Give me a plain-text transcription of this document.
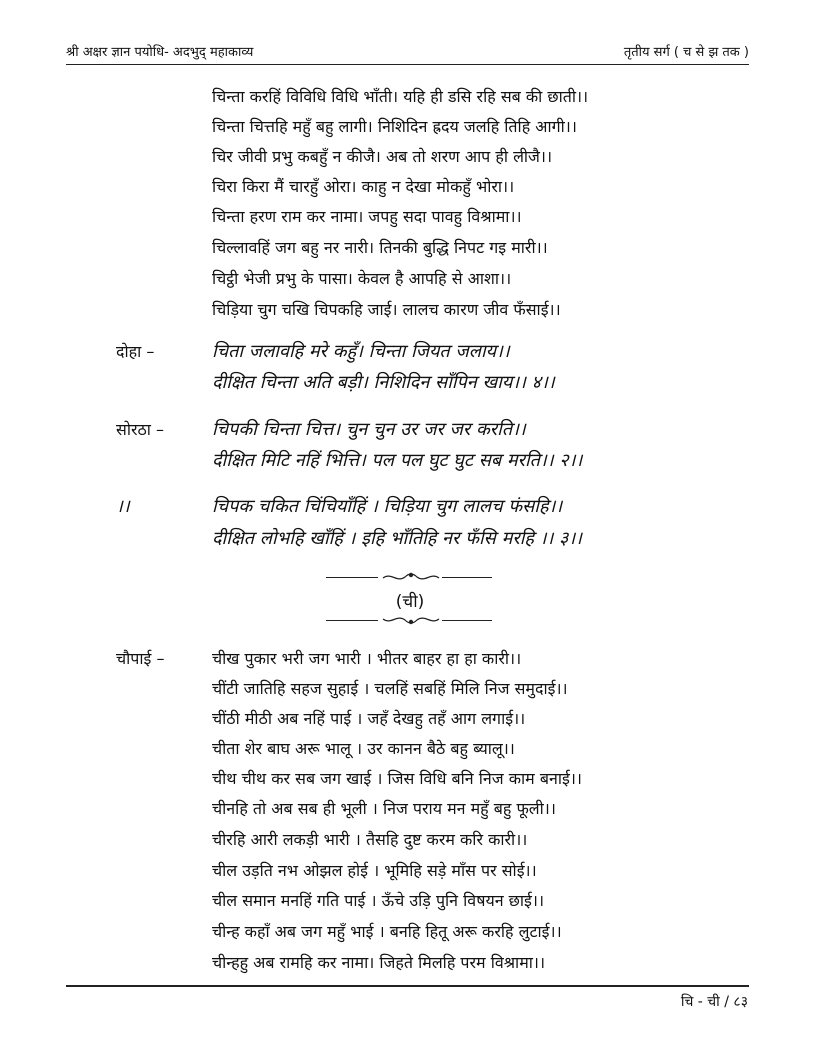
श्री अक्षर ज्ञान पयोधि- अदभुद् महाकाव्य	तृतीय सर्ग ( च से झ तक )
चिन्ता करहिं विविधि विधि भाँती। यहि ही डसि रहि सब की छाती।।
चिन्ता चित्तहि महुँ बहु लागी। निशिदिन ह्रदय जलहि तिहि आगी।।
चिर जीवी प्रभु कबहुँ न कीजै। अब तो शरण आप ही लीजै।।
चिरा किरा मैं चारहुँ ओरा। काहु न देखा मोकहुँ भोरा।।
चिन्ता हरण राम कर नामा। जपहु सदा पावहु विश्रामा।।
चिल्लावहिं जग बहु नर नारी। तिनकी बुद्धि निपट गइ मारी।।
चिट्ठी भेजी प्रभु के पासा। केवल है आपहि से आशा।।
चिड़िया चुग चखि चिपकहि जाई। लालच कारण जीव फँसाई।।
दोहा –	चिता जलावहि मरे कहुँ। चिन्ता जियत जलाय।।
दीक्षित चिन्ता अति बड़ी। निशिदिन साँपिन खाय।। ४।।
सोरठा –	चिपकी चिन्ता चित्त। चुन चुन उर जर जर करति।।
दीक्षित मिटि नहिं भित्ति। पल पल घुट घुट सब मरति।। २।।
।।	चिपक चकित चिंचियाँहिं । चिड़िया चुग लालच फंसहि।।
दीक्षित लोभहि खाँहिं । इहि भाँतिहि नर फँसि मरहि ।। ३।।
(ची)
चौपाई –	चीख पुकार भरी जग भारी । भीतर बाहर हा हा कारी।।
चींटी जातिहि सहज सुहाई । चलहिं सबहिं मिलि निज समुदाई।।
चींठी मीठी अब नहिं पाई । जहँ देखहु तहँ आग लगाई।।
चीता शेर बाघ अरू भालू । उर कानन बैठे बहु ब्यालू।।
चीथ चीथ कर सब जग खाई । जिस विधि बनि निज काम बनाई।।
चीनहि तो अब सब ही भूली । निज पराय मन महुँ बहु फूली।।
चीरहि आरी लकड़ी भारी । तैसहि दुष्ट करम करि कारी।।
चील उड़ति नभ ओझल होई । भूमिहि सड़े माँस पर सोई।।
चील समान मनहिं गति पाई । ऊँचे उड़ि पुनि विषयन छाई।।
चीन्ह कहाँ अब जग महुँ भाई । बनहि हितू अरू करहि लुटाई।।
चीन्हहु अब रामहि कर नामा। जिहते मिलहि परम विश्रामा।।
चि - ची / ८३
